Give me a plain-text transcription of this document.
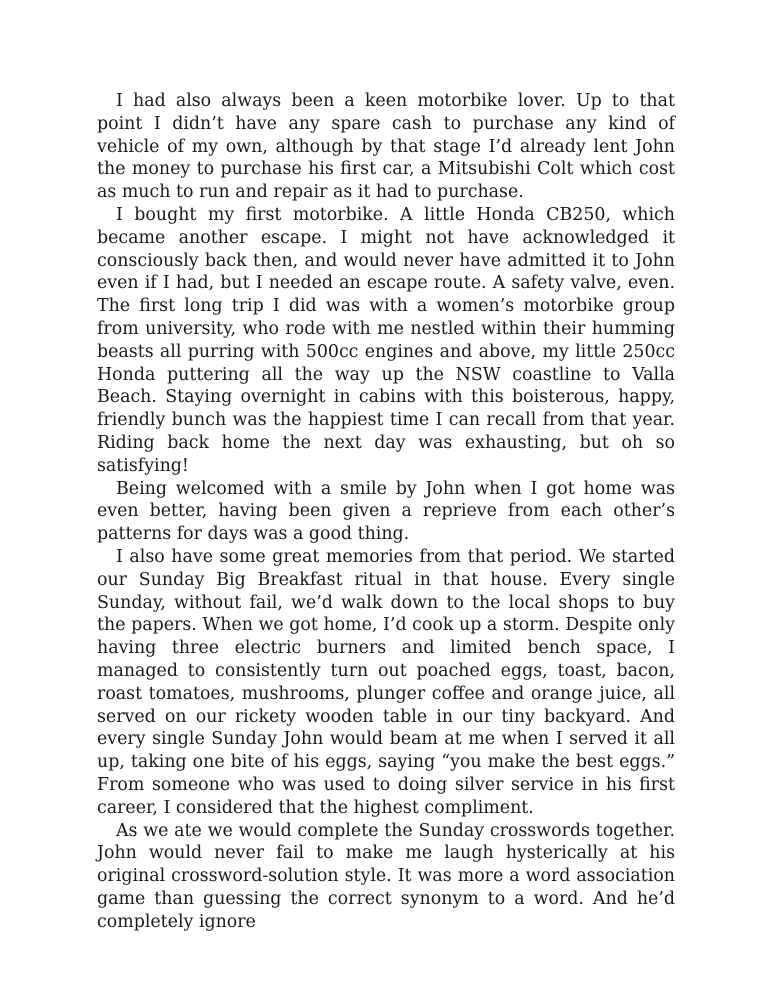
I had also always been a keen motorbike lover. Up to that point I didn’t have any spare cash to purchase any kind of vehicle of my own, although by that stage I’d already lent John the money to purchase his first car, a Mitsubishi Colt which cost as much to run and repair as it had to purchase.

I bought my first motorbike. A little Honda CB250, which became another escape. I might not have acknowledged it consciously back then, and would never have admitted it to John even if I had, but I needed an escape route. A safety valve, even. The first long trip I did was with a women’s motorbike group from university, who rode with me nestled within their humming beasts all purring with 500cc engines and above, my little 250cc Honda puttering all the way up the NSW coastline to Valla Beach. Staying overnight in cabins with this boisterous, happy, friendly bunch was the happiest time I can recall from that year. Riding back home the next day was exhausting, but oh so satisfying!

Being welcomed with a smile by John when I got home was even better, having been given a reprieve from each other’s patterns for days was a good thing.

I also have some great memories from that period. We started our Sunday Big Breakfast ritual in that house. Every single Sunday, without fail, we’d walk down to the local shops to buy the papers. When we got home, I’d cook up a storm. Despite only having three electric burners and limited bench space, I managed to consistently turn out poached eggs, toast, bacon, roast tomatoes, mushrooms, plunger coffee and orange juice, all served on our rickety wooden table in our tiny backyard. And every single Sunday John would beam at me when I served it all up, taking one bite of his eggs, saying “you make the best eggs.” From someone who was used to doing silver service in his first career, I considered that the highest compliment.

As we ate we would complete the Sunday crosswords together. John would never fail to make me laugh hysterically at his original crossword-solution style. It was more a word association game than guessing the correct synonym to a word. And he’d completely ignore
